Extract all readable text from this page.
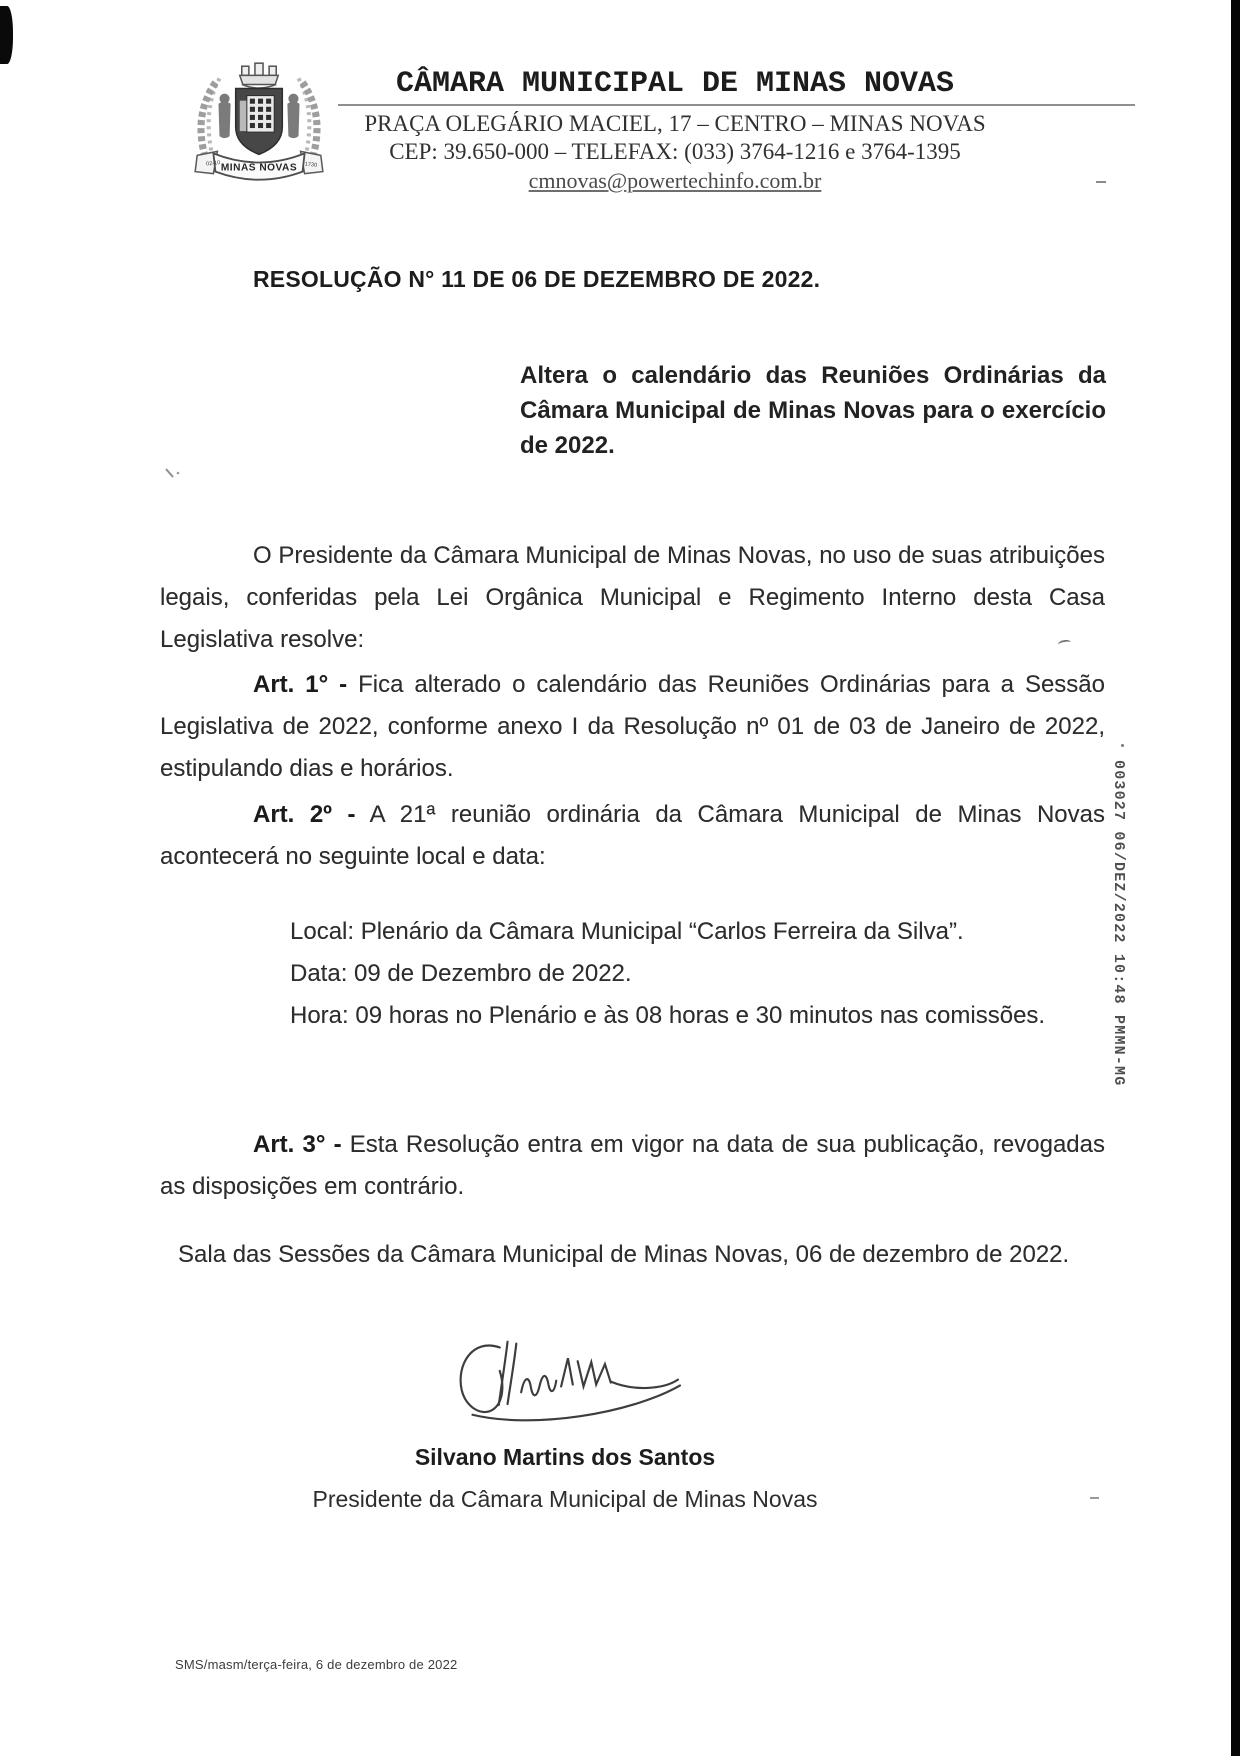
MINAS NOVAS
02-10	1730
CÂMARA MUNICIPAL DE MINAS NOVAS
PRAÇA OLEGÁRIO MACIEL, 17 – CENTRO – MINAS NOVAS
CEP: 39.650-000 – TELEFAX: (033) 3764-1216 e 3764-1395
cmnovas@powertechinfo.com.br
RESOLUÇÃO N° 11 DE 06 DE DEZEMBRO DE 2022.
Altera o calendário das Reuniões Ordinárias da Câmara Municipal de Minas Novas para o exercício de 2022.

O Presidente da Câmara Municipal de Minas Novas, no uso de suas atribuições legais, conferidas pela Lei Orgânica Municipal e Regimento Interno desta Casa Legislativa resolve:

Art. 1° - Fica alterado o calendário das Reuniões Ordinárias para a Sessão Legislativa de 2022, conforme anexo I da Resolução nº 01 de 03 de Janeiro de 2022, estipulando dias e horários.

Art. 2º - A 21ª reunião ordinária da Câmara Municipal de Minas Novas acontecerá no seguinte local e data:

Local: Plenário da Câmara Municipal “Carlos Ferreira da Silva”.
Data: 09 de Dezembro de 2022.
Hora: 09 horas no Plenário e às 08 horas e 30 minutos nas comissões.

Art. 3° - Esta Resolução entra em vigor na data de sua publicação, revogadas as disposições em contrário.

Sala das Sessões da Câmara Municipal de Minas Novas, 06 de dezembro de 2022.
Silvano Martins dos Santos
Presidente da Câmara Municipal de Minas Novas
SMS/masm/terça-feira, 6 de dezembro de 2022
003027 06/DEZ/2022 10:48 PMMN-MG
